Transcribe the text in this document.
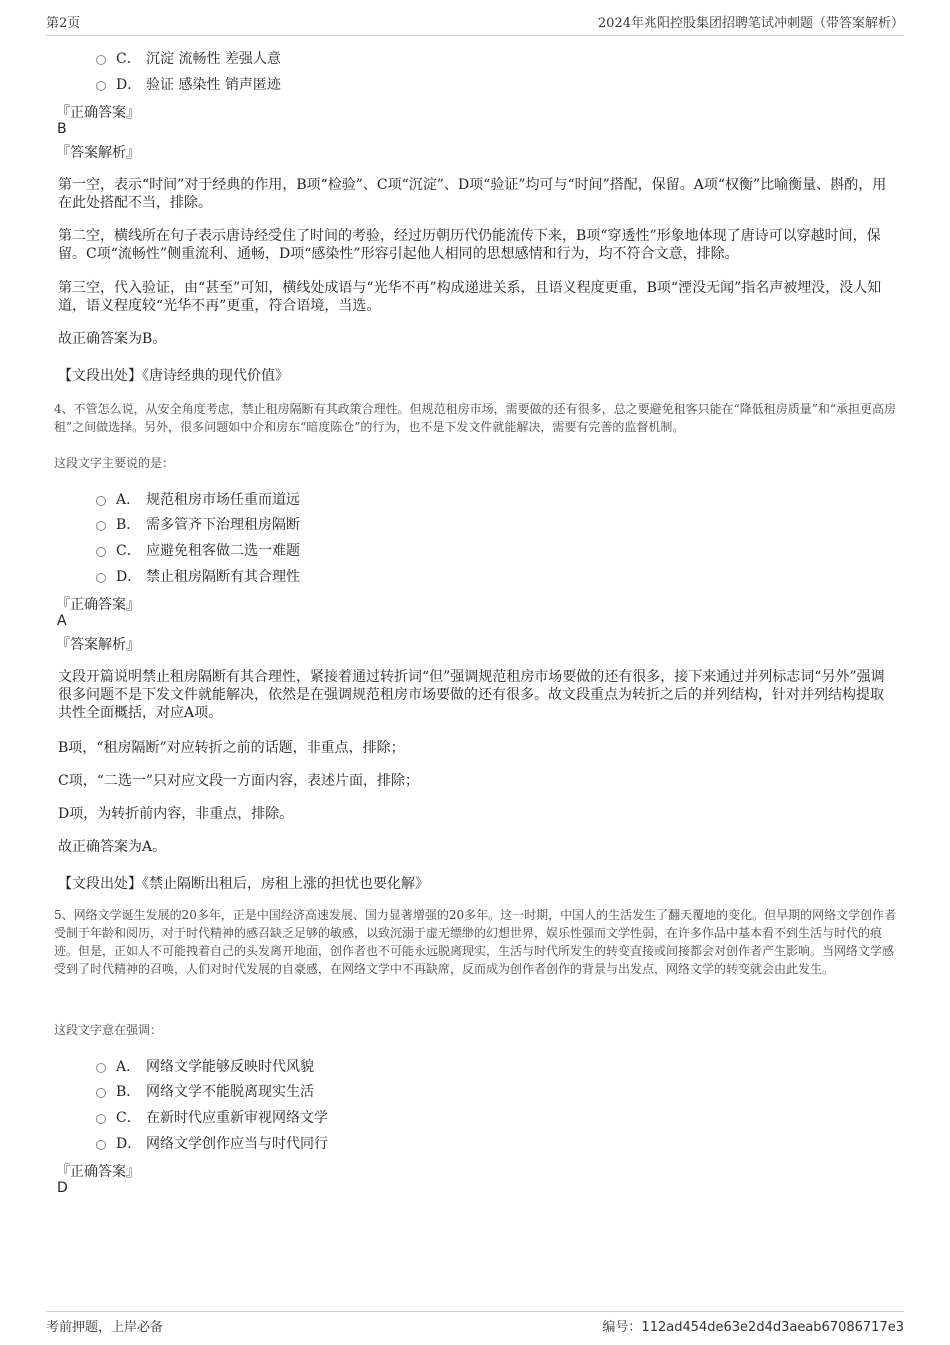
第2页	2024年兆阳控股集团招聘笔试冲刺题（带答案解析）
C． 沉淀 流畅性 差强人意
D． 验证 感染性 销声匿迹
『正确答案』
B
『答案解析』
第一空，表示“时间”对于经典的作用，B项“检验”、C项“沉淀”、D项“验证”均可与“时间”搭配，保留。A项“权衡”比喻衡量、斟酌，用在此处搭配不当，排除。
第二空，横线所在句子表示唐诗经受住了时间的考验，经过历朝历代仍能流传下来，B项“穿透性”形象地体现了唐诗可以穿越时间，保留。C项“流畅性”侧重流利、通畅，D项“感染性”形容引起他人相同的思想感情和行为，均不符合文意，排除。
第三空，代入验证，由“甚至”可知，横线处成语与“光华不再”构成递进关系，且语义程度更重，B项“湮没无闻”指名声被埋没，没人知道，语义程度较“光华不再”更重，符合语境，当选。
故正确答案为B。
【文段出处】《唐诗经典的现代价值》
4、不管怎么说，从安全角度考虑，禁止租房隔断有其政策合理性。但规范租房市场，需要做的还有很多，总之要避免租客只能在“降低租房质量”和“承担更高房租”之间做选择。另外，很多问题如中介和房东“暗度陈仓”的行为，也不是下发文件就能解决，需要有完善的监督机制。
这段文字主要说的是：
A． 规范租房市场任重而道远
B． 需多管齐下治理租房隔断
C． 应避免租客做二选一难题
D． 禁止租房隔断有其合理性
『正确答案』
A
『答案解析』
文段开篇说明禁止租房隔断有其合理性，紧接着通过转折词“但”强调规范租房市场要做的还有很多，接下来通过并列标志词“另外”强调很多问题不是下发文件就能解决，依然是在强调规范租房市场要做的还有很多。故文段重点为转折之后的并列结构，针对并列结构提取共性全面概括，对应A项。
B项，“租房隔断”对应转折之前的话题，非重点，排除；
C项，“二选一”只对应文段一方面内容，表述片面，排除；
D项，为转折前内容，非重点，排除。
故正确答案为A。
【文段出处】《禁止隔断出租后，房租上涨的担忧也要化解》
5、网络文学诞生发展的20多年，正是中国经济高速发展、国力显著增强的20多年。这一时期，中国人的生活发生了翻天覆地的变化。但早期的网络文学创作者受制于年龄和阅历，对于时代精神的感召缺乏足够的敏感，以致沉溺于虚无缥缈的幻想世界，娱乐性强而文学性弱，在许多作品中基本看不到生活与时代的痕迹。但是，正如人不可能拽着自己的头发离开地面，创作者也不可能永远脱离现实，生活与时代所发生的转变直接或间接都会对创作者产生影响。当网络文学感受到了时代精神的召唤，人们对时代发展的自豪感，在网络文学中不再缺席，反而成为创作者创作的背景与出发点，网络文学的转变就会由此发生。
这段文字意在强调：
A． 网络文学能够反映时代风貌
B． 网络文学不能脱离现实生活
C． 在新时代应重新审视网络文学
D． 网络文学创作应当与时代同行
『正确答案』
D
考前押题，上岸必备	编号：112ad454de63e2d4d3aeab67086717e3
